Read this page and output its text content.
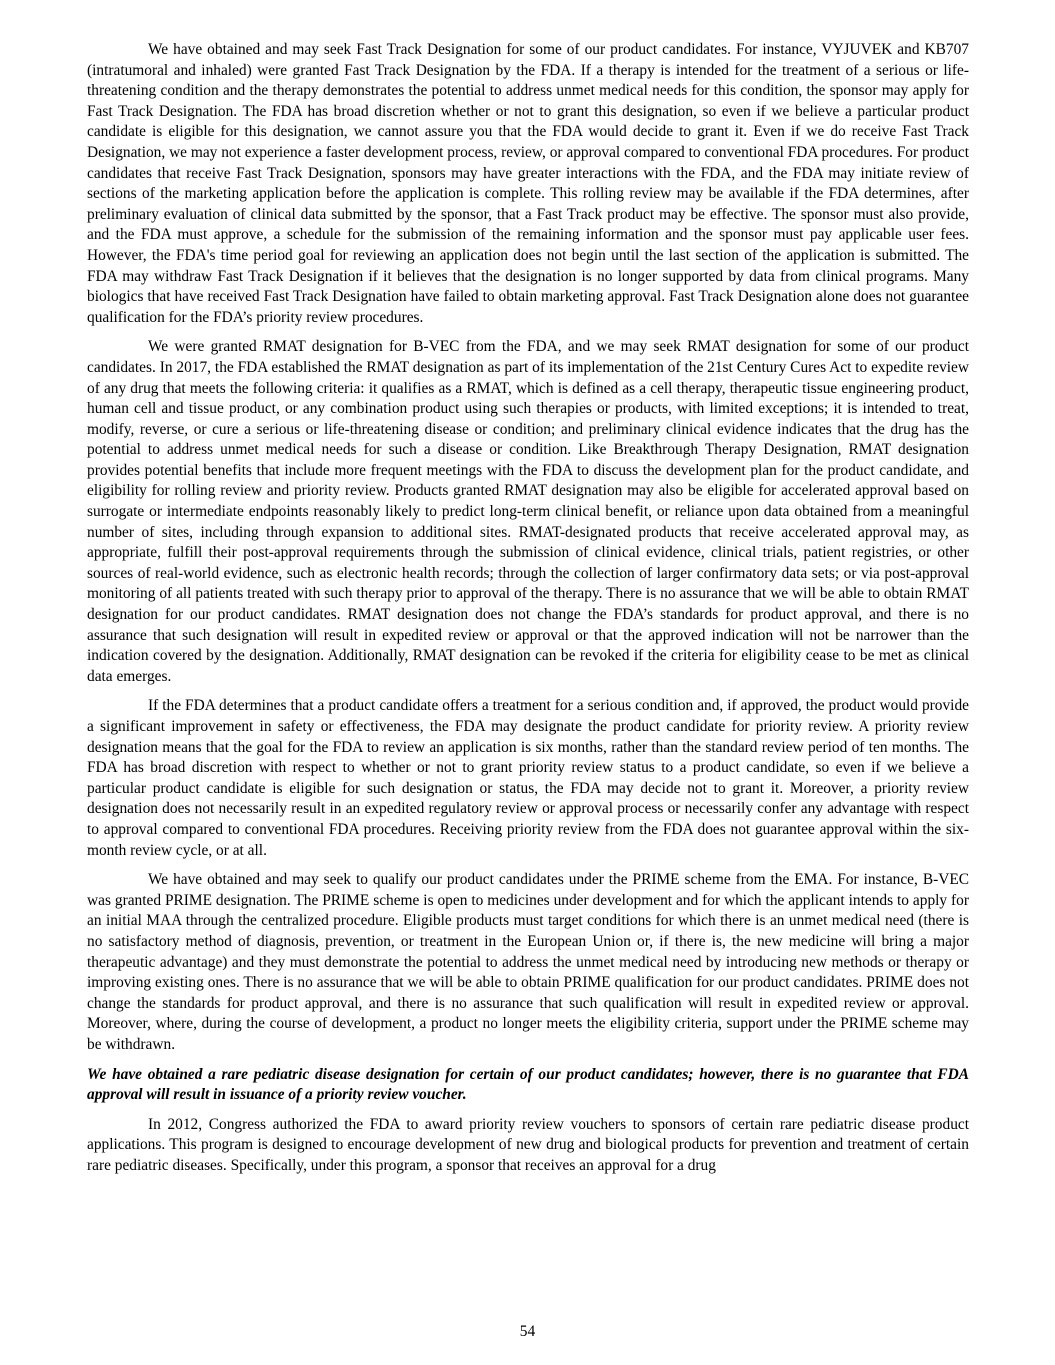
We have obtained and may seek Fast Track Designation for some of our product candidates. For instance, VYJUVEK and KB707 (intratumoral and inhaled) were granted Fast Track Designation by the FDA. If a therapy is intended for the treatment of a serious or life-threatening condition and the therapy demonstrates the potential to address unmet medical needs for this condition, the sponsor may apply for Fast Track Designation. The FDA has broad discretion whether or not to grant this designation, so even if we believe a particular product candidate is eligible for this designation, we cannot assure you that the FDA would decide to grant it. Even if we do receive Fast Track Designation, we may not experience a faster development process, review, or approval compared to conventional FDA procedures. For product candidates that receive Fast Track Designation, sponsors may have greater interactions with the FDA, and the FDA may initiate review of sections of the marketing application before the application is complete. This rolling review may be available if the FDA determines, after preliminary evaluation of clinical data submitted by the sponsor, that a Fast Track product may be effective. The sponsor must also provide, and the FDA must approve, a schedule for the submission of the remaining information and the sponsor must pay applicable user fees. However, the FDA's time period goal for reviewing an application does not begin until the last section of the application is submitted. The FDA may withdraw Fast Track Designation if it believes that the designation is no longer supported by data from clinical programs. Many biologics that have received Fast Track Designation have failed to obtain marketing approval. Fast Track Designation alone does not guarantee qualification for the FDA’s priority review procedures.

We were granted RMAT designation for B-VEC from the FDA, and we may seek RMAT designation for some of our product candidates. In 2017, the FDA established the RMAT designation as part of its implementation of the 21st Century Cures Act to expedite review of any drug that meets the following criteria: it qualifies as a RMAT, which is defined as a cell therapy, therapeutic tissue engineering product, human cell and tissue product, or any combination product using such therapies or products, with limited exceptions; it is intended to treat, modify, reverse, or cure a serious or life-threatening disease or condition; and preliminary clinical evidence indicates that the drug has the potential to address unmet medical needs for such a disease or condition. Like Breakthrough Therapy Designation, RMAT designation provides potential benefits that include more frequent meetings with the FDA to discuss the development plan for the product candidate, and eligibility for rolling review and priority review. Products granted RMAT designation may also be eligible for accelerated approval based on surrogate or intermediate endpoints reasonably likely to predict long-term clinical benefit, or reliance upon data obtained from a meaningful number of sites, including through expansion to additional sites. RMAT-designated products that receive accelerated approval may, as appropriate, fulfill their post-approval requirements through the submission of clinical evidence, clinical trials, patient registries, or other sources of real-world evidence, such as electronic health records; through the collection of larger confirmatory data sets; or via post-approval monitoring of all patients treated with such therapy prior to approval of the therapy. There is no assurance that we will be able to obtain RMAT designation for our product candidates. RMAT designation does not change the FDA’s standards for product approval, and there is no assurance that such designation will result in expedited review or approval or that the approved indication will not be narrower than the indication covered by the designation. Additionally, RMAT designation can be revoked if the criteria for eligibility cease to be met as clinical data emerges.

If the FDA determines that a product candidate offers a treatment for a serious condition and, if approved, the product would provide a significant improvement in safety or effectiveness, the FDA may designate the product candidate for priority review. A priority review designation means that the goal for the FDA to review an application is six months, rather than the standard review period of ten months. The FDA has broad discretion with respect to whether or not to grant priority review status to a product candidate, so even if we believe a particular product candidate is eligible for such designation or status, the FDA may decide not to grant it. Moreover, a priority review designation does not necessarily result in an expedited regulatory review or approval process or necessarily confer any advantage with respect to approval compared to conventional FDA procedures. Receiving priority review from the FDA does not guarantee approval within the six-month review cycle, or at all.

We have obtained and may seek to qualify our product candidates under the PRIME scheme from the EMA. For instance, B-VEC was granted PRIME designation. The PRIME scheme is open to medicines under development and for which the applicant intends to apply for an initial MAA through the centralized procedure. Eligible products must target conditions for which there is an unmet medical need (there is no satisfactory method of diagnosis, prevention, or treatment in the European Union or, if there is, the new medicine will bring a major therapeutic advantage) and they must demonstrate the potential to address the unmet medical need by introducing new methods or therapy or improving existing ones. There is no assurance that we will be able to obtain PRIME qualification for our product candidates. PRIME does not change the standards for product approval, and there is no assurance that such qualification will result in expedited review or approval. Moreover, where, during the course of development, a product no longer meets the eligibility criteria, support under the PRIME scheme may be withdrawn.

We have obtained a rare pediatric disease designation for certain of our product candidates; however, there is no guarantee that FDA approval will result in issuance of a priority review voucher.

In 2012, Congress authorized the FDA to award priority review vouchers to sponsors of certain rare pediatric disease product applications. This program is designed to encourage development of new drug and biological products for prevention and treatment of certain rare pediatric diseases. Specifically, under this program, a sponsor that receives an approval for a drug

54
